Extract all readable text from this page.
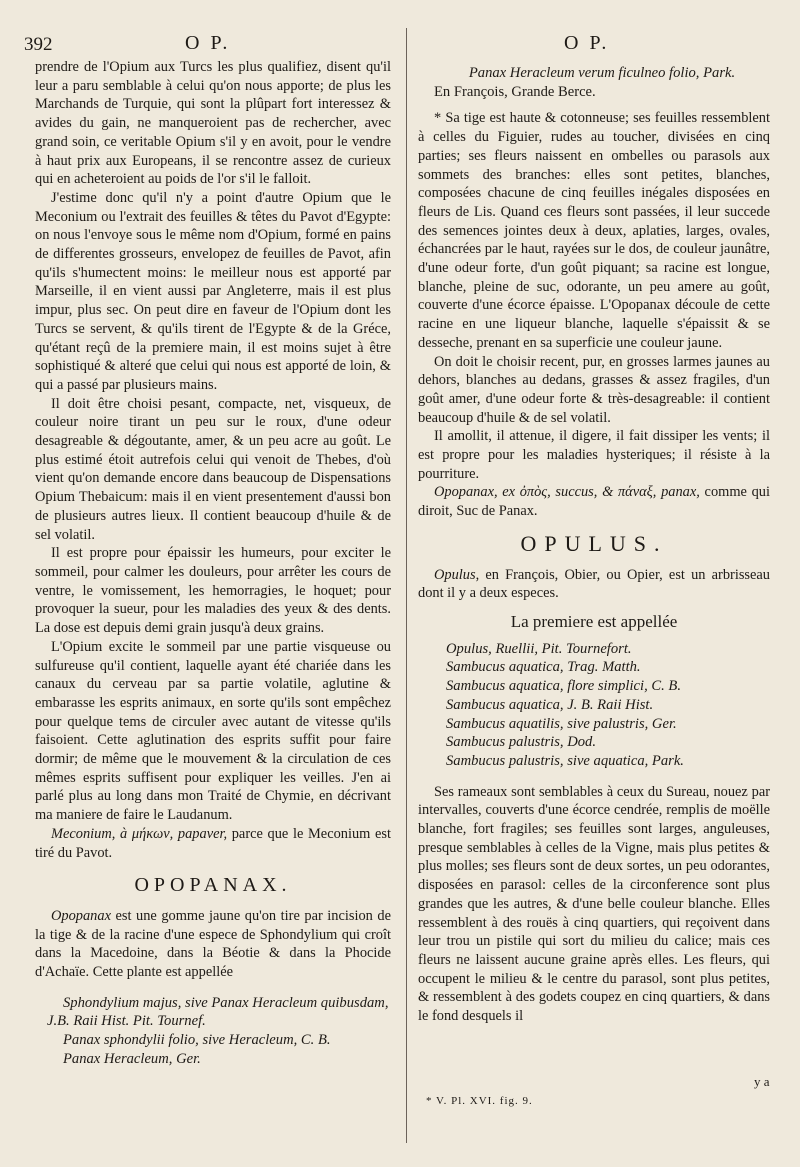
392	O P.	O P.

prendre de l'Opium aux Turcs les plus qualifiez, disent qu'il leur a paru semblable à celui qu'on nous apporte; de plus les Marchands de Turquie, qui sont la plûpart fort interessez & avides du gain, ne manqueroient pas de rechercher, avec grand soin, ce veritable Opium s'il y en avoit, pour le vendre à haut prix aux Europeans, il se rencontre assez de curieux qui en acheteroient au poids de l'or s'il le falloit.

J'estime donc qu'il n'y a point d'autre Opium que le Meconium ou l'extrait des feuilles & têtes du Pavot d'Egypte: on nous l'envoye sous le même nom d'Opium, formé en pains de differentes grosseurs, envelopez de feuilles de Pavot, afin qu'ils s'humectent moins: le meilleur nous est apporté par Marseille, il en vient aussi par Angleterre, mais il est plus impur, plus sec. On peut dire en faveur de l'Opium dont les Turcs se servent, & qu'ils tirent de l'Egypte & de la Gréce, qu'étant reçû de la premiere main, il est moins sujet à être sophistiqué & alteré que celui qui nous est apporté de loin, & qui a passé par plusieurs mains.

Il doit être choisi pesant, compacte, net, visqueux, de couleur noire tirant un peu sur le roux, d'une odeur desagreable & dégoutante, amer, & un peu acre au goût. Le plus estimé étoit autrefois celui qui venoit de Thebes, d'où vient qu'on demande encore dans beaucoup de Dispensations Opium Thebaicum: mais il en vient presentement d'aussi bon de plusieurs autres lieux. Il contient beaucoup d'huile & de sel volatil.

Il est propre pour épaissir les humeurs, pour exciter le sommeil, pour calmer les douleurs, pour arrêter les cours de ventre, le vomissement, les hemorragies, le hoquet; pour provoquer la sueur, pour les maladies des yeux & des dents. La dose est depuis demi grain jusqu'à deux grains.

L'Opium excite le sommeil par une partie visqueuse ou sulfureuse qu'il contient, laquelle ayant été chariée dans les canaux du cerveau par sa partie volatile, aglutine & embarasse les esprits animaux, en sorte qu'ils sont empêchez pour quelque tems de circuler avec autant de vitesse qu'ils faisoient. Cette aglutination des esprits suffit pour faire dormir; de même que le mouvement & la circulation de ces mêmes esprits suffisent pour expliquer les veilles. J'en ai parlé plus au long dans mon Traité de Chymie, en décrivant ma maniere de faire le Laudanum.

Meconium, à μήκων, papaver, parce que le Meconium est tiré du Pavot.

OPOPANAX.

Opopanax est une gomme jaune qu'on tire par incision de la tige & de la racine d'une espece de Sphondylium qui croît dans la Macedoine, dans la Béotie & dans la Phocide d'Achaïe. Cette plante est appellée

Sphondylium majus, sive Panax Heracleum quibusdam, J.B. Raii Hist. Pit. Tournef.

Panax sphondylii folio, sive Heracleum, C. B.

Panax Heracleum, Ger.

Panax Heracleum verum ficulneo folio, Park.

En François, Grande Berce.

* Sa tige est haute & cotonneuse; ses feuilles ressemblent à celles du Figuier, rudes au toucher, divisées en cinq parties; ses fleurs naissent en ombelles ou parasols aux sommets des branches: elles sont petites, blanches, composées chacune de cinq feuilles inégales disposées en fleurs de Lis. Quand ces fleurs sont passées, il leur succede des semences jointes deux à deux, aplaties, larges, ovales, échancrées par le haut, rayées sur le dos, de couleur jaunâtre, d'une odeur forte, d'un goût piquant; sa racine est longue, blanche, pleine de suc, odorante, un peu amere au goût, couverte d'une écorce épaisse. L'Opopanax découle de cette racine en une liqueur blanche, laquelle s'épaissit & se desseche, prenant en sa superficie une couleur jaune.

On doit le choisir recent, pur, en grosses larmes jaunes au dehors, blanches au dedans, grasses & assez fragiles, d'un goût amer, d'une odeur forte & très-desagreable: il contient beaucoup d'huile & de sel volatil.

Il amollit, il attenue, il digere, il fait dissiper les vents; il est propre pour les maladies hysteriques; il résiste à la pourriture.

Opopanax, ex ὀπὸς, succus, & πάναξ, panax, comme qui diroit, Suc de Panax.

OPULUS.

Opulus, en François, Obier, ou Opier, est un arbrisseau dont il y a deux especes.

La premiere est appellée

Opulus, Ruellii, Pit. Tournefort.

Sambucus aquatica, Trag. Matth.

Sambucus aquatica, flore simplici, C. B.

Sambucus aquatica, J. B. Raii Hist.

Sambucus aquatilis, sive palustris, Ger.

Sambucus palustris, Dod.

Sambucus palustris, sive aquatica, Park.

Ses rameaux sont semblables à ceux du Sureau, nouez par intervalles, couverts d'une écorce cendrée, remplis de moëlle blanche, fort fragiles; ses feuilles sont larges, anguleuses, presque semblables à celles de la Vigne, mais plus petites & plus molles; ses fleurs sont de deux sortes, un peu odorantes, disposées en parasol: celles de la circonference sont plus grandes que les autres, & d'une belle couleur blanche. Elles ressemblent à des rouës à cinq quartiers, qui reçoivent dans leur trou un pistile qui sort du milieu du calice; mais ces fleurs ne laissent aucune graine après elles. Les fleurs, qui occupent le milieu & le centre du parasol, sont plus petites, & ressemblent à des godets coupez en cinq quartiers, & dans le fond desquels il

y a
* V. Pl. XVI. fig. 9.
